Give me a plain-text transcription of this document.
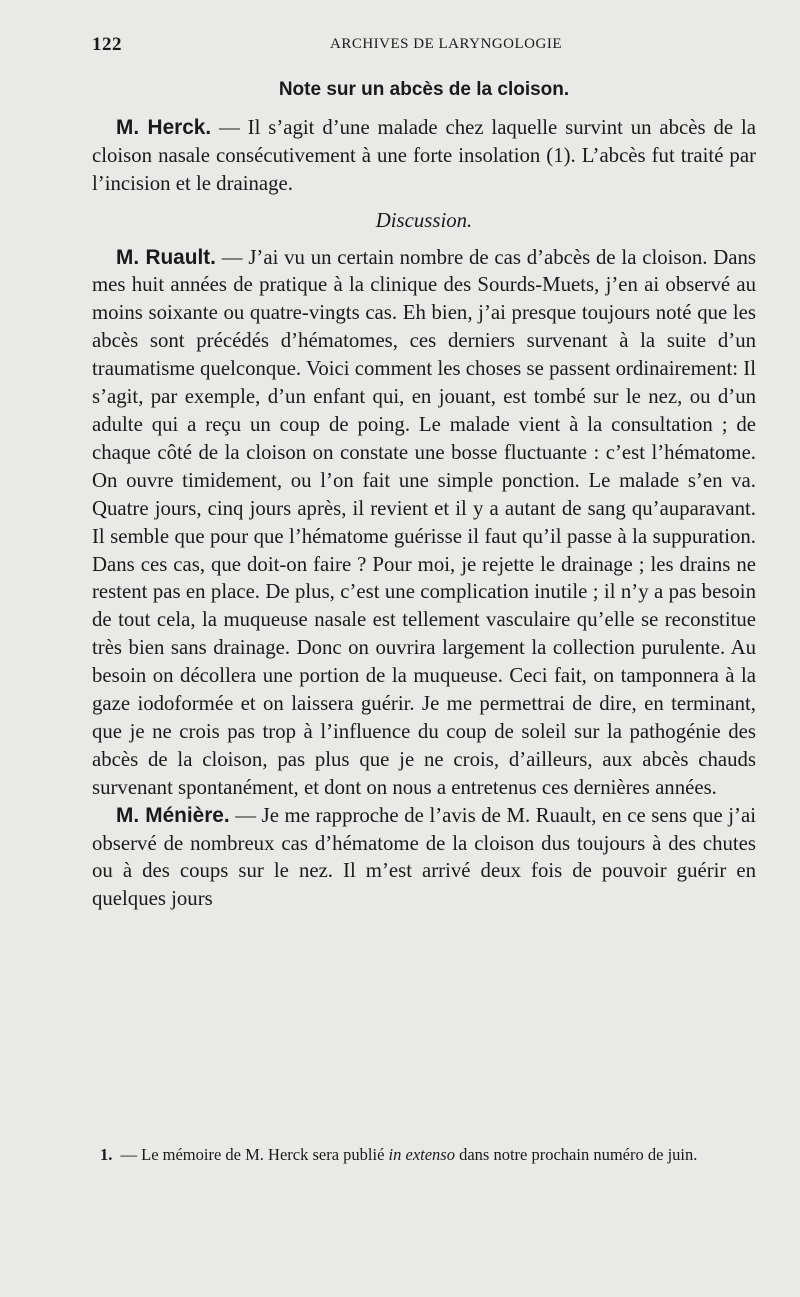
122	ARCHIVES DE LARYNGOLOGIE
Note sur un abcès de la cloison.

M. Herck. — Il s’agit d’une malade chez laquelle survint un abcès de la cloison nasale consécutivement à une forte insolation (1). L’abcès fut traité par l’incision et le drainage.

Discussion.

M. Ruault. — J’ai vu un certain nombre de cas d’abcès de la cloison. Dans mes huit années de pratique à la clinique des Sourds-Muets, j’en ai observé au moins soixante ou quatre-vingts cas. Eh bien, j’ai presque toujours noté que les abcès sont précédés d’hématomes, ces derniers survenant à la suite d’un traumatisme quelconque. Voici comment les choses se passent ordinairement: Il s’agit, par exemple, d’un enfant qui, en jouant, est tombé sur le nez, ou d’un adulte qui a reçu un coup de poing. Le malade vient à la consultation ; de chaque côté de la cloison on constate une bosse fluctuante : c’est l’hématome. On ouvre timidement, ou l’on fait une simple ponction. Le malade s’en va. Quatre jours, cinq jours après, il revient et il y a autant de sang qu’auparavant. Il semble que pour que l’hématome guérisse il faut qu’il passe à la suppuration. Dans ces cas, que doit-on faire ? Pour moi, je rejette le drainage ; les drains ne restent pas en place. De plus, c’est une complication inutile ; il n’y a pas besoin de tout cela, la muqueuse nasale est tellement vasculaire qu’elle se reconstitue très bien sans drainage. Donc on ouvrira largement la collection purulente. Au besoin on décollera une portion de la muqueuse. Ceci fait, on tamponnera à la gaze iodoformée et on laissera guérir. Je me permettrai de dire, en terminant, que je ne crois pas trop à l’influence du coup de soleil sur la pathogénie des abcès de la cloison, pas plus que je ne crois, d’ailleurs, aux abcès chauds survenant spontanément, et dont on nous a entretenus ces dernières années.

M. Ménière. — Je me rapproche de l’avis de M. Ruault, en ce sens que j’ai observé de nombreux cas d’hématome de la cloison dus toujours à des chutes ou à des coups sur le nez. Il m’est arrivé deux fois de pouvoir guérir en quelques jours

1. — Le mémoire de M. Herck sera publié in extenso dans notre prochain numéro de juin.
